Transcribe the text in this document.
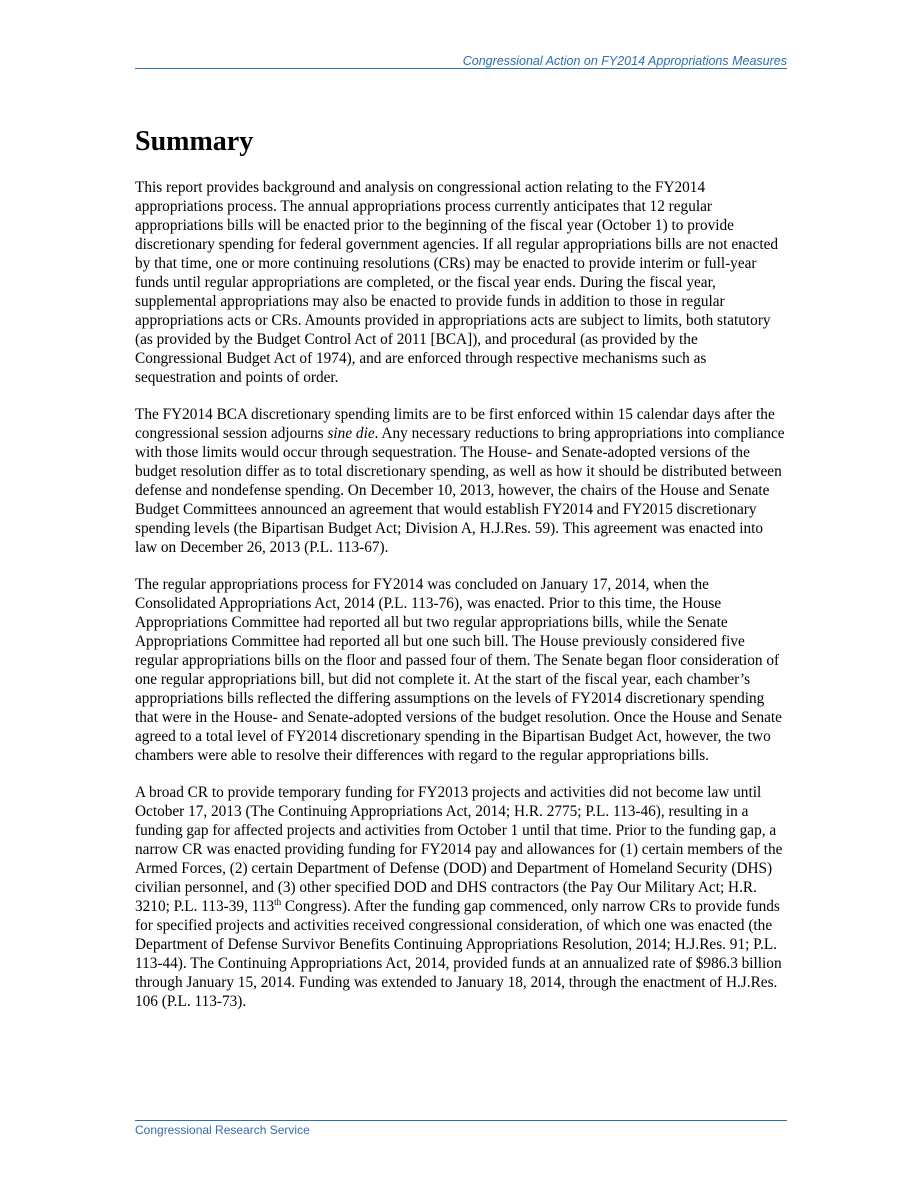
Congressional Action on FY2014 Appropriations Measures
Summary

This report provides background and analysis on congressional action relating to the FY2014 appropriations process. The annual appropriations process currently anticipates that 12 regular appropriations bills will be enacted prior to the beginning of the fiscal year (October 1) to provide discretionary spending for federal government agencies. If all regular appropriations bills are not enacted by that time, one or more continuing resolutions (CRs) may be enacted to provide interim or full-year funds until regular appropriations are completed, or the fiscal year ends. During the fiscal year, supplemental appropriations may also be enacted to provide funds in addition to those in regular appropriations acts or CRs. Amounts provided in appropriations acts are subject to limits, both statutory (as provided by the Budget Control Act of 2011 [BCA]), and procedural (as provided by the Congressional Budget Act of 1974), and are enforced through respective mechanisms such as sequestration and points of order.

The FY2014 BCA discretionary spending limits are to be first enforced within 15 calendar days after the congressional session adjourns sine die. Any necessary reductions to bring appropriations into compliance with those limits would occur through sequestration. The House- and Senate-adopted versions of the budget resolution differ as to total discretionary spending, as well as how it should be distributed between defense and nondefense spending. On December 10, 2013, however, the chairs of the House and Senate Budget Committees announced an agreement that would establish FY2014 and FY2015 discretionary spending levels (the Bipartisan Budget Act; Division A, H.J.Res. 59). This agreement was enacted into law on December 26, 2013 (P.L. 113-67).

The regular appropriations process for FY2014 was concluded on January 17, 2014, when the Consolidated Appropriations Act, 2014 (P.L. 113-76), was enacted. Prior to this time, the House Appropriations Committee had reported all but two regular appropriations bills, while the Senate Appropriations Committee had reported all but one such bill. The House previously considered five regular appropriations bills on the floor and passed four of them. The Senate began floor consideration of one regular appropriations bill, but did not complete it. At the start of the fiscal year, each chamber’s appropriations bills reflected the differing assumptions on the levels of FY2014 discretionary spending that were in the House- and Senate-adopted versions of the budget resolution. Once the House and Senate agreed to a total level of FY2014 discretionary spending in the Bipartisan Budget Act, however, the two chambers were able to resolve their differences with regard to the regular appropriations bills.

A broad CR to provide temporary funding for FY2013 projects and activities did not become law until October 17, 2013 (The Continuing Appropriations Act, 2014; H.R. 2775; P.L. 113-46), resulting in a funding gap for affected projects and activities from October 1 until that time. Prior to the funding gap, a narrow CR was enacted providing funding for FY2014 pay and allowances for (1) certain members of the Armed Forces, (2) certain Department of Defense (DOD) and Department of Homeland Security (DHS) civilian personnel, and (3) other specified DOD and DHS contractors (the Pay Our Military Act; H.R. 3210; P.L. 113-39, 113th Congress). After the funding gap commenced, only narrow CRs to provide funds for specified projects and activities received congressional consideration, of which one was enacted (the Department of Defense Survivor Benefits Continuing Appropriations Resolution, 2014; H.J.Res. 91; P.L. 113-44). The Continuing Appropriations Act, 2014, provided funds at an annualized rate of $986.3 billion through January 15, 2014. Funding was extended to January 18, 2014, through the enactment of H.J.Res. 106 (P.L. 113-73).

Congressional Research Service
